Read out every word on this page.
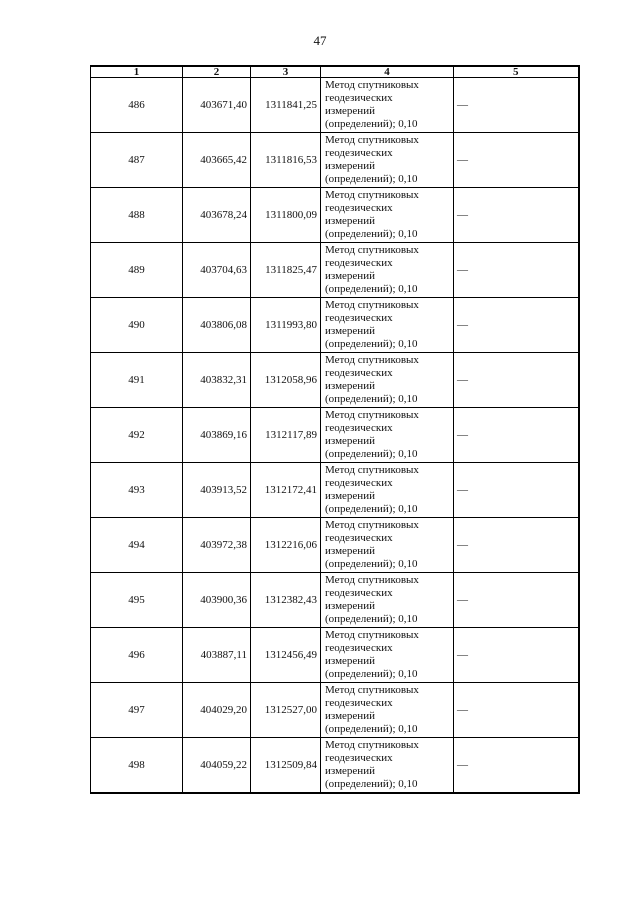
47
1	2	3	4	5
486	403671,40	1311841,25	Метод спутниковых
геодезических
измерений
(определений); 0,10	—
487	403665,42	1311816,53	Метод спутниковых
геодезических
измерений
(определений); 0,10	—
488	403678,24	1311800,09	Метод спутниковых
геодезических
измерений
(определений); 0,10	—
489	403704,63	1311825,47	Метод спутниковых
геодезических
измерений
(определений); 0,10	—
490	403806,08	1311993,80	Метод спутниковых
геодезических
измерений
(определений); 0,10	—
491	403832,31	1312058,96	Метод спутниковых
геодезических
измерений
(определений); 0,10	—
492	403869,16	1312117,89	Метод спутниковых
геодезических
измерений
(определений); 0,10	—
493	403913,52	1312172,41	Метод спутниковых
геодезических
измерений
(определений); 0,10	—
494	403972,38	1312216,06	Метод спутниковых
геодезических
измерений
(определений); 0,10	—
495	403900,36	1312382,43	Метод спутниковых
геодезических
измерений
(определений); 0,10	—
496	403887,11	1312456,49	Метод спутниковых
геодезических
измерений
(определений); 0,10	—
497	404029,20	1312527,00	Метод спутниковых
геодезических
измерений
(определений); 0,10	—
498	404059,22	1312509,84	Метод спутниковых
геодезических
измерений
(определений); 0,10	—
